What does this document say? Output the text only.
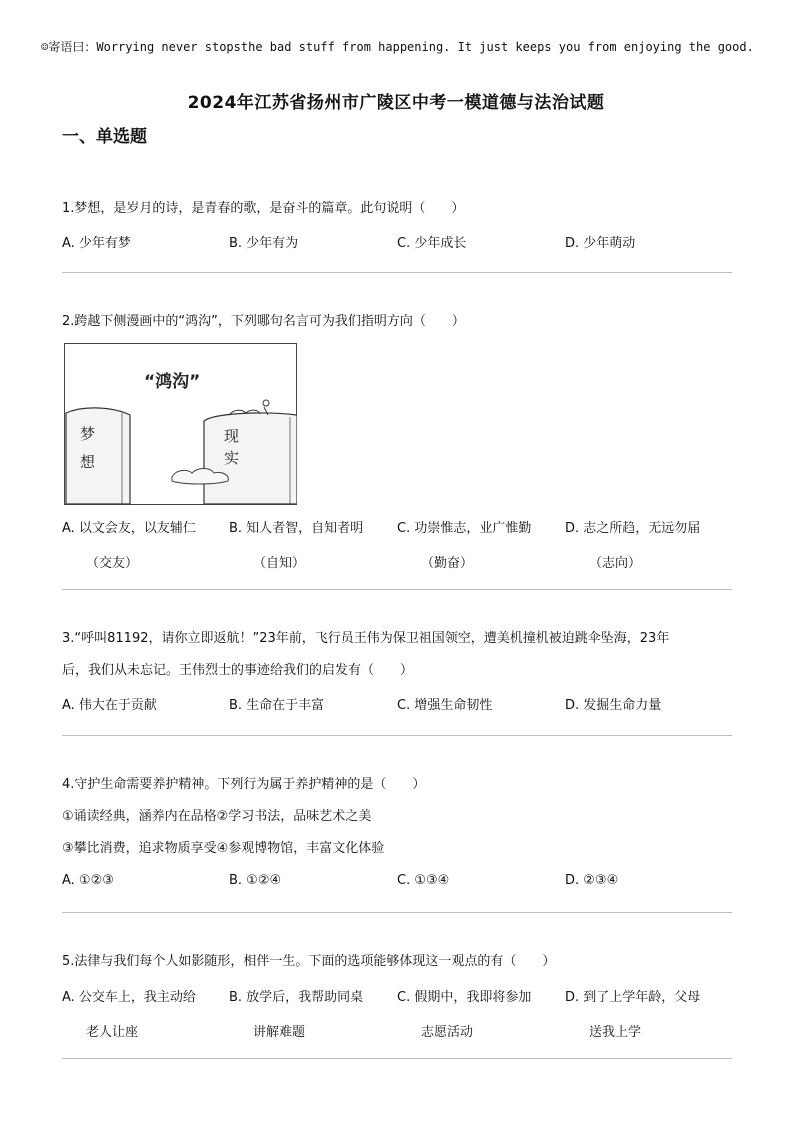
☺寄语曰：Worrying never stopsthe bad stuff from happening. It just keeps you from enjoying the good.
2024年江苏省扬州市广陵区中考一模道德与法治试题
一、单选题
1.梦想，是岁月的诗，是青春的歌，是奋斗的篇章。此句说明（　　）
A. 少年有梦	B. 少年有为	C. 少年成长	D. 少年萌动
2.跨越下侧漫画中的“鸿沟”，下列哪句名言可为我们指明方向（　　）
“鸿沟”
梦
想
现
实
A. 以文会友，以友辅仁
（交友）
B. 知人者智，自知者明
（自知）
C. 功崇惟志，业广惟勤
（勤奋）
D. 志之所趋，无远勿届
（志向）
3.“呼叫81192，请你立即返航！”23年前，飞行员王伟为保卫祖国领空，遭美机撞机被迫跳伞坠海，23年
后，我们从未忘记。王伟烈士的事迹给我们的启发有（　　）
A. 伟大在于贡献	B. 生命在于丰富	C. 增强生命韧性	D. 发掘生命力量
4.守护生命需要养护精神。下列行为属于养护精神的是（　　）
①诵读经典，涵养内在品格②学习书法，品味艺术之美
③攀比消费，追求物质享受④参观博物馆，丰富文化体验
A. ①②③	B. ①②④	C. ①③④	D. ②③④
5.法律与我们每个人如影随形，相伴一生。下面的选项能够体现这一观点的有（　　）
A. 公交车上，我主动给
老人让座
B. 放学后，我帮助同桌
讲解难题
C. 假期中，我即将参加
志愿活动
D. 到了上学年龄，父母
送我上学
